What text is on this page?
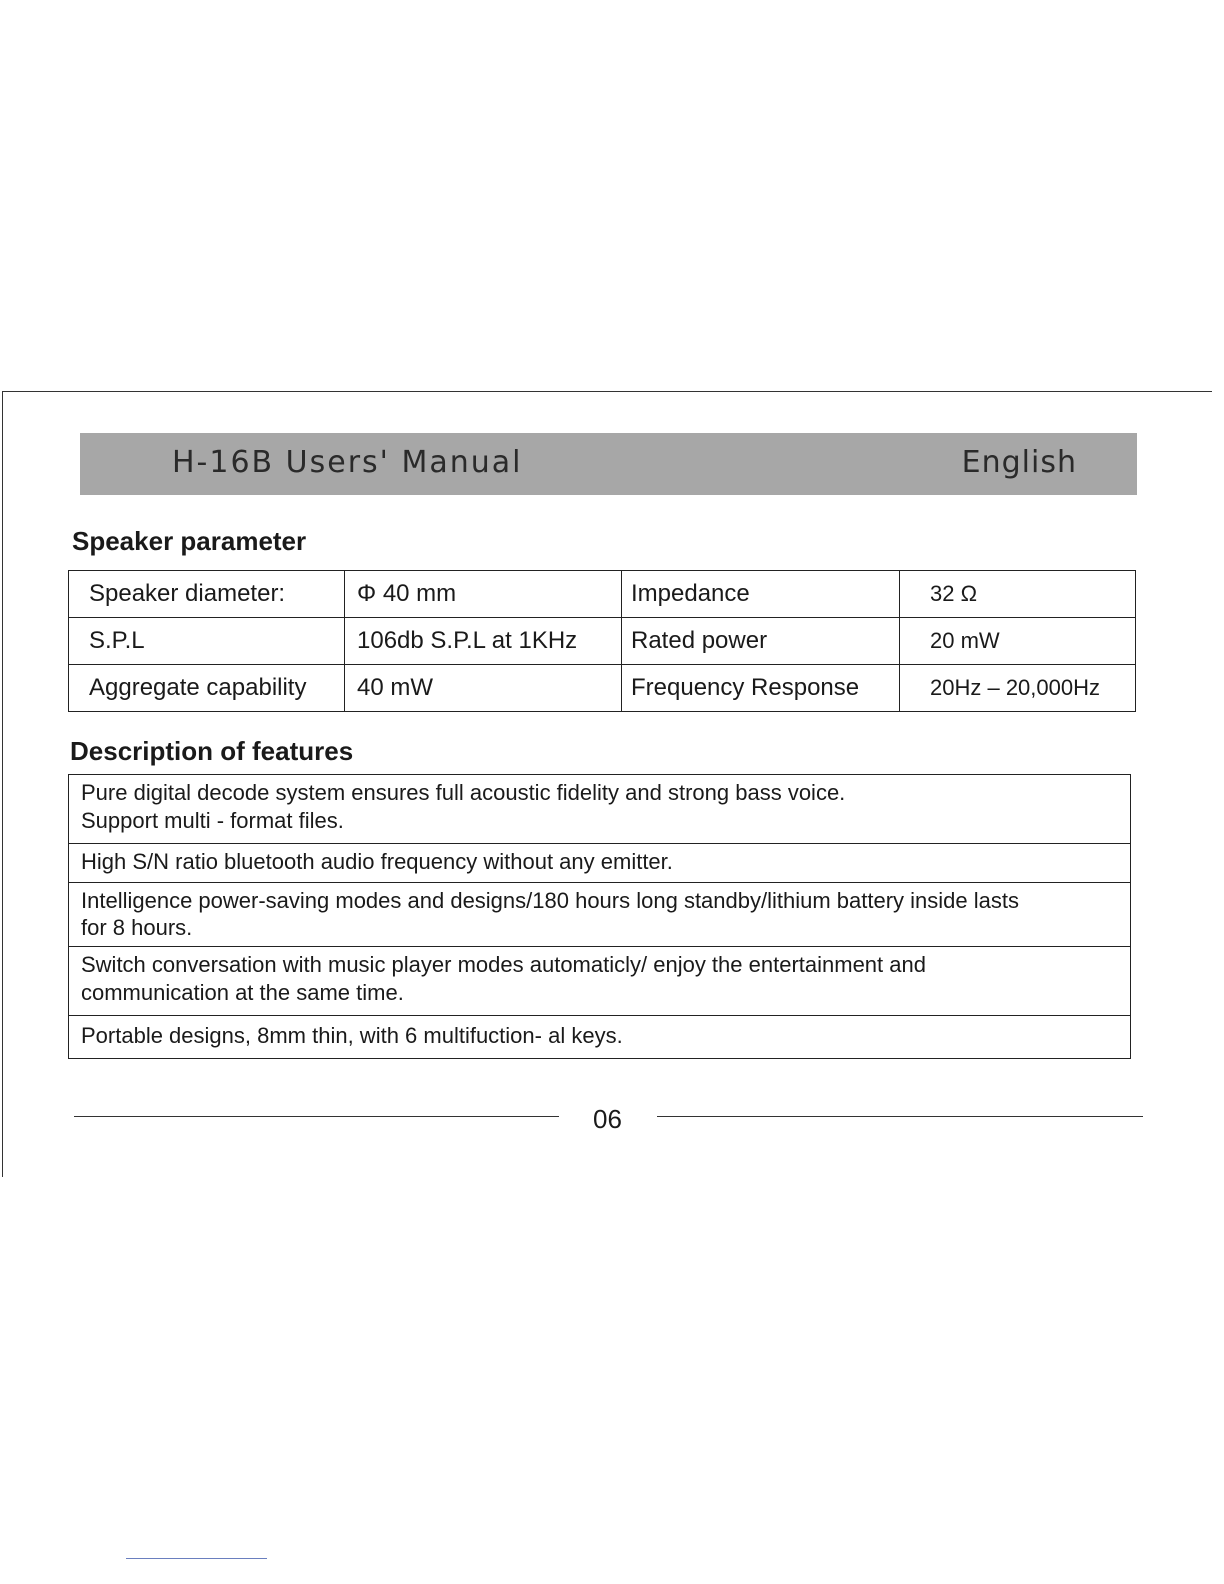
H-16B Users' Manual	English
Speaker parameter
Speaker diameter:	Φ 40 mm	Impedance	32 Ω
S.P.L	106db S.P.L at 1KHz	Rated power	20 mW
Aggregate capability	40 mW	Frequency Response	20Hz – 20,000Hz
Description of features
Pure digital decode system ensures full acoustic fidelity and strong bass voice.
Support multi - format files.

High S/N ratio bluetooth audio frequency without any emitter.

Intelligence power-saving modes and designs/180 hours long standby/lithium battery inside lasts
for 8 hours.

Switch conversation with music player modes automaticly/ enjoy the entertainment and
communication at the same time.

Portable designs, 8mm thin, with 6 multifuction- al keys.
06
